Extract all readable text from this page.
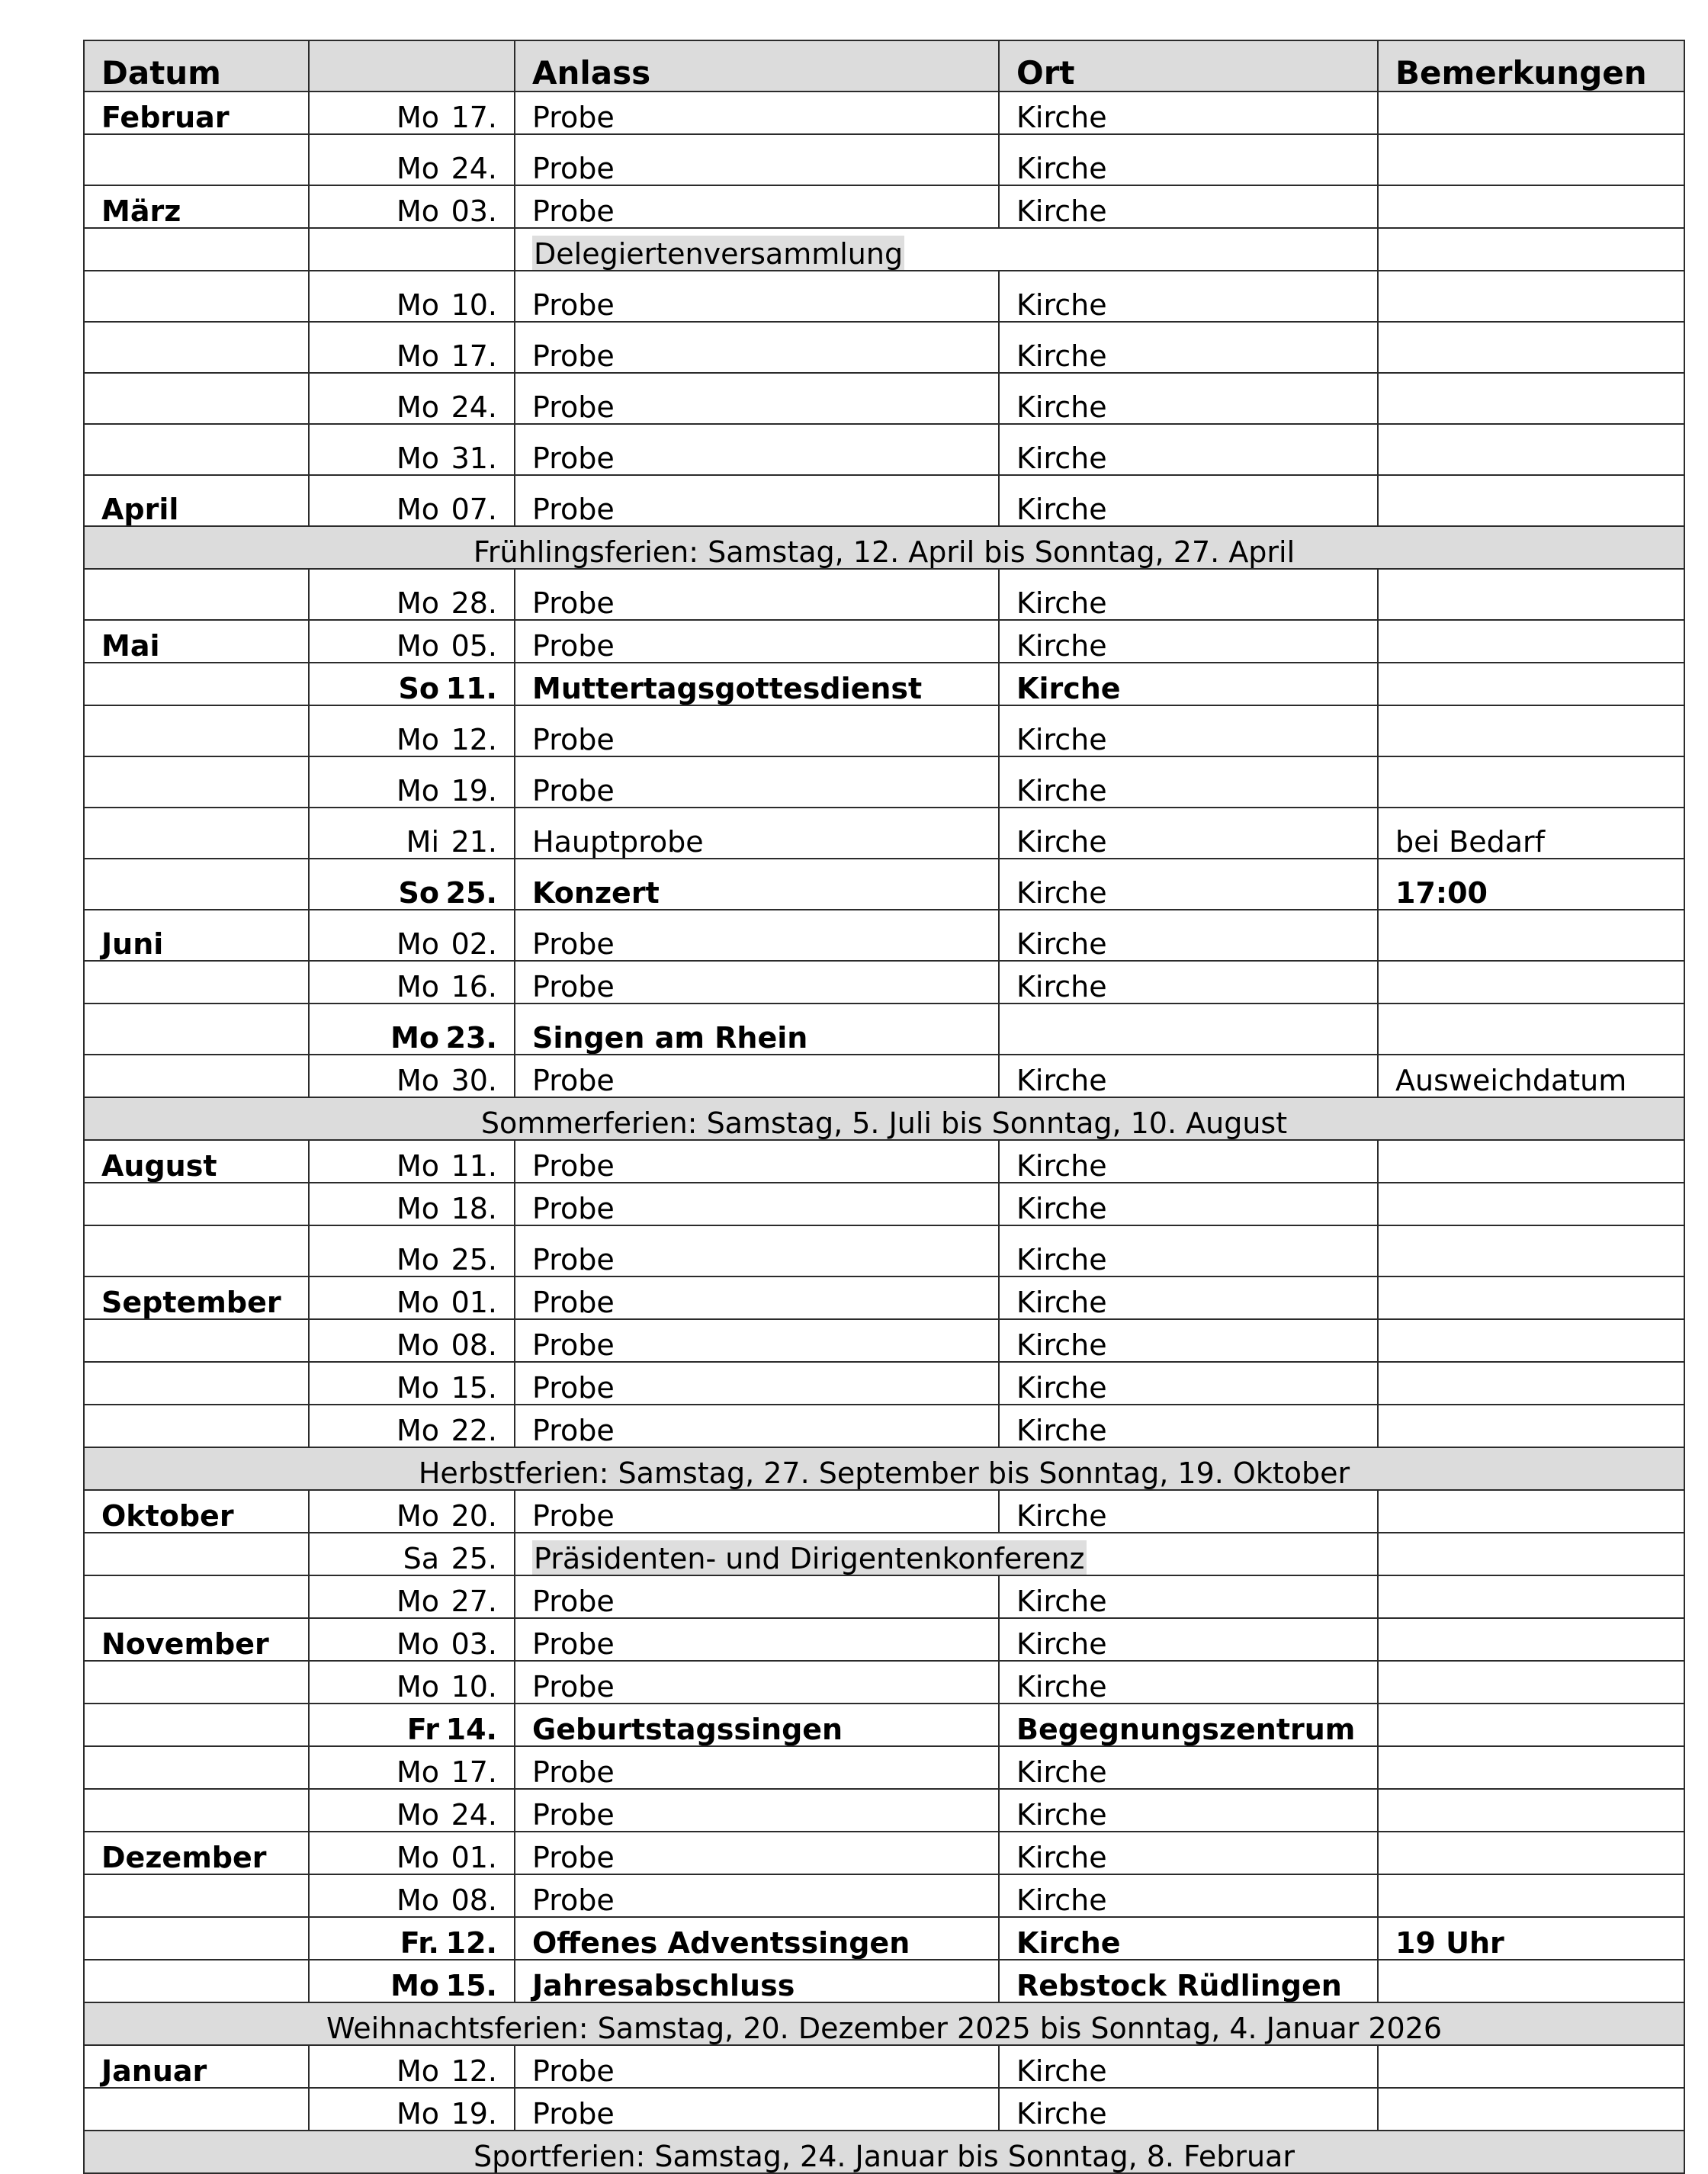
Datum		Anlass	Ort	Bemerkungen
Februar	Mo 17.	Probe	Kirche	

	Mo 24.	Probe	Kirche	
März	Mo 03.	Probe	Kirche	

	Delegiertenversammlung		

	Mo 10.	Probe	Kirche	

	Mo 17.	Probe	Kirche	

	Mo 24.	Probe	Kirche	

	Mo 31.	Probe	Kirche	
April	Mo 07.	Probe	Kirche	
Frühlingsferien: Samstag, 12. April bis Sonntag, 27. April				

	Mo 28.	Probe	Kirche	
Mai	Mo 05.	Probe	Kirche	

	So 11.	Muttertagsgottesdienst	Kirche	

	Mo 12.	Probe	Kirche	

	Mo 19.	Probe	Kirche	

	Mi 21.	Hauptprobe	Kirche	bei Bedarf

	So 25.	Konzert	Kirche	17:00
Juni	Mo 02.	Probe	Kirche	

	Mo 16.	Probe	Kirche	

	Mo 23.	Singen am Rhein		

	Mo 30.	Probe	Kirche	Ausweichdatum
Sommerferien: Samstag, 5. Juli bis Sonntag, 10. August				
August	Mo 11.	Probe	Kirche	

	Mo 18.	Probe	Kirche	

	Mo 25.	Probe	Kirche	
September	Mo 01.	Probe	Kirche	

	Mo 08.	Probe	Kirche	

	Mo 15.	Probe	Kirche	

	Mo 22.	Probe	Kirche	
Herbstferien: Samstag, 27. September bis Sonntag, 19. Oktober				
Oktober	Mo 20.	Probe	Kirche	

	Sa 25.	Präsidenten- und Dirigentenkonferenz		

	Mo 27.	Probe	Kirche	
November	Mo 03.	Probe	Kirche	

	Mo 10.	Probe	Kirche	

	Fr 14.	Geburtstagssingen	Begegnungszentrum	

	Mo 17.	Probe	Kirche	

	Mo 24.	Probe	Kirche	
Dezember	Mo 01.	Probe	Kirche	

	Mo 08.	Probe	Kirche	

	Fr. 12.	Offenes Adventssingen	Kirche	19 Uhr

	Mo 15.	Jahresabschluss	Rebstock Rüdlingen	
Weihnachtsferien: Samstag, 20. Dezember 2025 bis Sonntag, 4. Januar 2026				
Januar	Mo 12.	Probe	Kirche	

	Mo 19.	Probe	Kirche	
Sportferien: Samstag, 24. Januar bis Sonntag, 8. Februar				
